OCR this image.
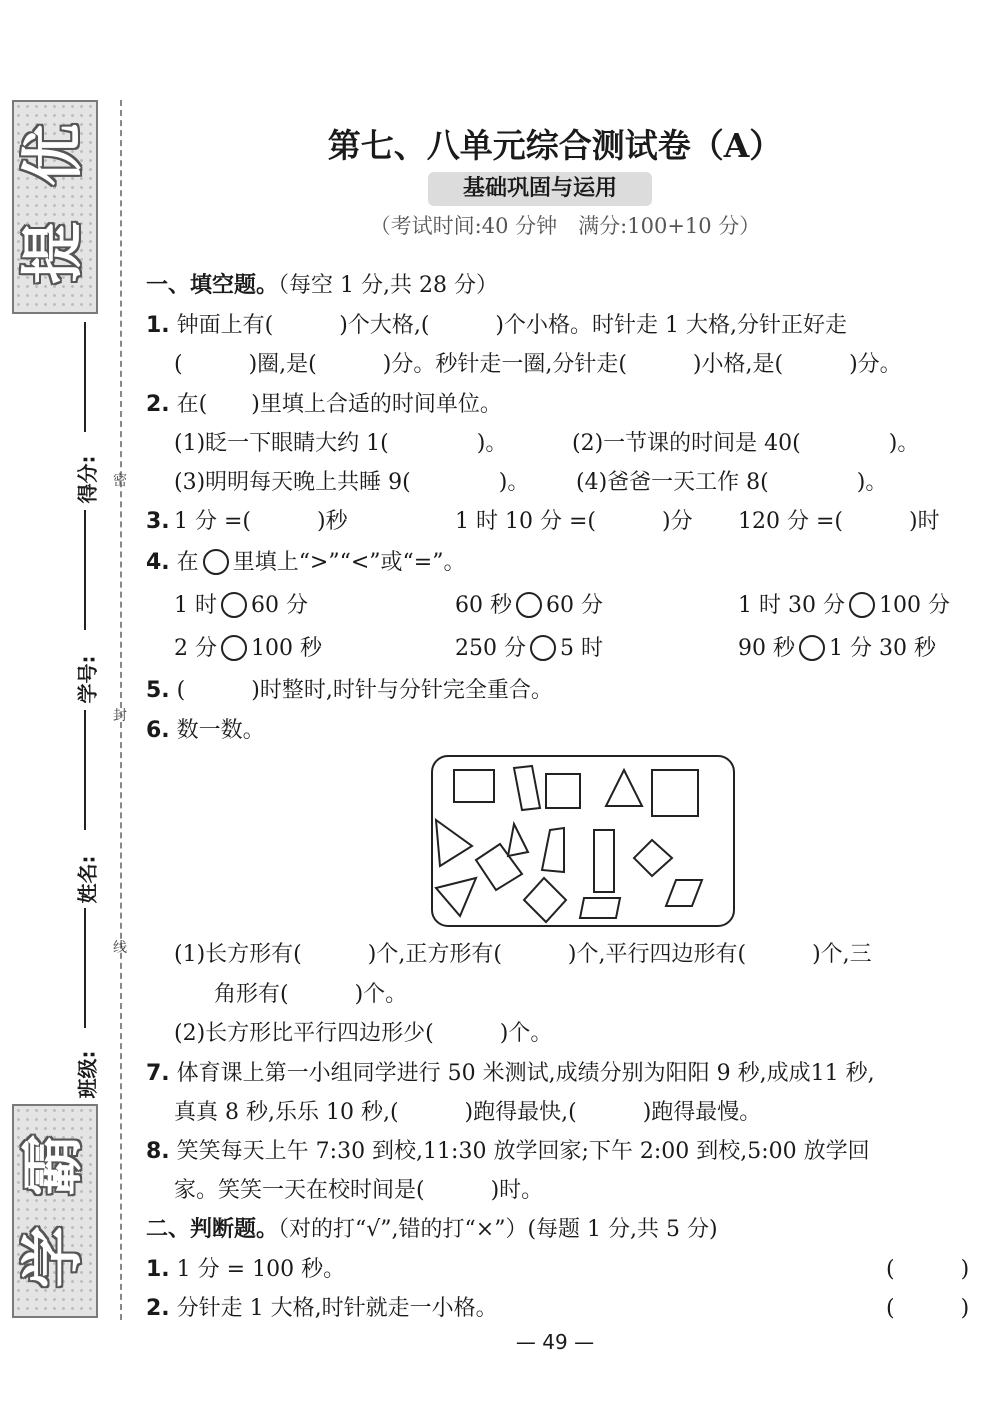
优
提
霸
学
得分:
学号:
姓名:
班级:
密
封
线
第七、八单元综合测试卷（A）
基础巩固与运用
（考试时间:40 分钟　满分:100+10 分）
一、填空题。（每空 1 分,共 28 分）
1. 钟面上有(　　　)个大格,(　　　)个小格。时针走 1 大格,分针正好走
(　　　)圈,是(　　　)分。秒针走一圈,分针走(　　　)小格,是(　　　)分。
2. 在(　　)里填上合适的时间单位。
(1)眨一下眼睛大约 1(　　　　)。	(2)一节课的时间是 40(　　　　)。
(3)明明每天晚上共睡 9(　　　　)。 (4)爸爸一天工作 8(　　　　)。
3. 1 分 =(　　　)秒	1 时 10 分 =(　　　)分 120 分 =(　　　)时
4. 在 里填上“>”“<”或“=”。
1 时 60 分	60 秒 60 分	1 时 30 分 100 分
2 分 100 秒	250 分 5 时	90 秒 1 分 30 秒
5. (　　　)时整时,时针与分针完全重合。
6. 数一数。
(1)长方形有(　　　)个,正方形有(　　　)个,平行四边形有(　　　)个,三
角形有(　　　)个。
(2)长方形比平行四边形少(　　　)个。
7. 体育课上第一小组同学进行 50 米测试,成绩分别为阳阳 9 秒,成成11 秒,
真真 8 秒,乐乐 10 秒,(　　　)跑得最快,(　　　)跑得最慢。
8. 笑笑每天上午 7:30 到校,11:30 放学回家;下午 2:00 到校,5:00 放学回
家。笑笑一天在校时间是(　　　)时。
二、判断题。（对的打“√”,错的打“×”）(每题 1 分,共 5 分)
1. 1 分 = 100 秒。	(　　　)
2. 分针走 1 大格,时针就走一小格。	(　　　)
— 49 —
